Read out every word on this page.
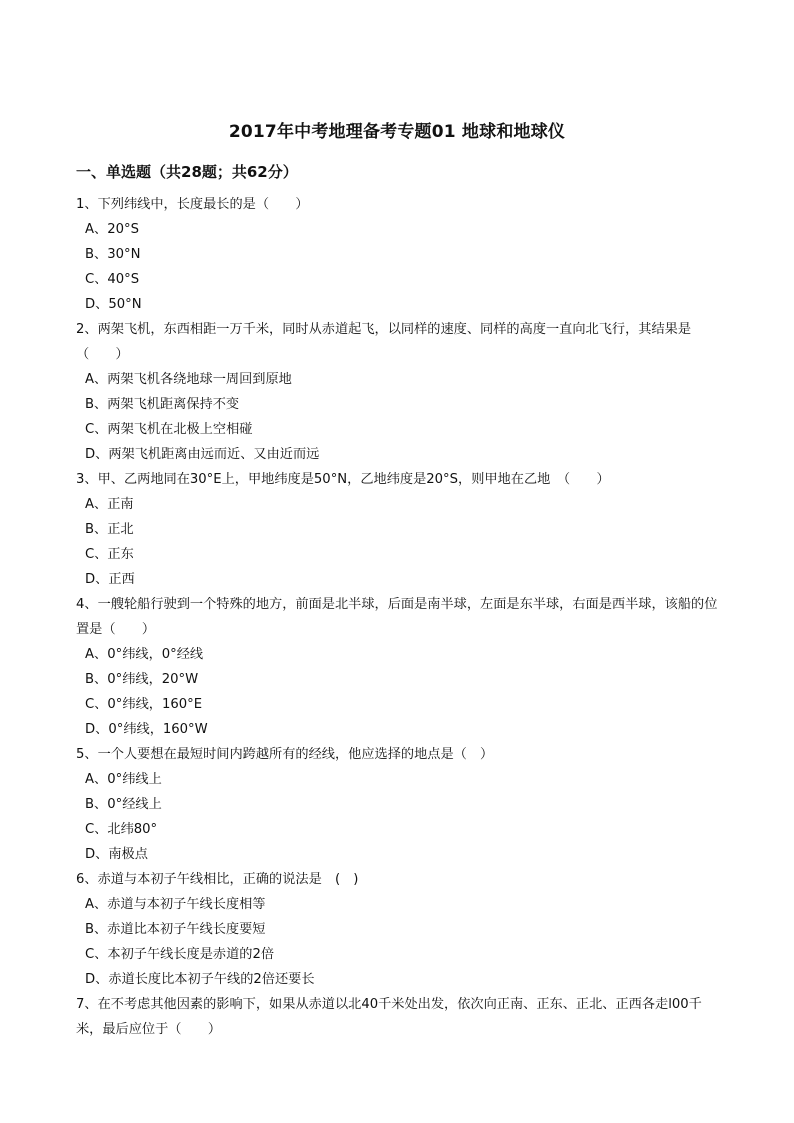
2017年中考地理备考专题01 地球和地球仪
一、单选题（共28题；共62分）
1、下列纬线中，长度最长的是（　　）
A、20°S
B、30°N
C、40°S
D、50°N
2、两架飞机，东西相距一万千米，同时从赤道起飞，以同样的速度、同样的高度一直向北飞行，其结果是（　　）
A、两架飞机各绕地球一周回到原地
B、两架飞机距离保持不变
C、两架飞机在北极上空相碰
D、两架飞机距离由远而近、又由近而远
3、甲、乙两地同在30°E上，甲地纬度是50°N，乙地纬度是20°S，则甲地在乙地　（　　）
A、正南
B、正北
C、正东
D、正西
4、一艘轮船行驶到一个特殊的地方，前面是北半球，后面是南半球，左面是东半球，右面是西半球，该船的位置是（　　）
A、0°纬线，0°经线
B、0°纬线，20°W
C、0°纬线，160°E
D、0°纬线，160°W
5、一个人要想在最短时间内跨越所有的经线，他应选择的地点是（　）
A、0°纬线上
B、0°经线上
C、北纬80°
D、南极点
6、赤道与本初子午线相比，正确的说法是　(　)
A、赤道与本初子午线长度相等
B、赤道比本初子午线长度要短
C、本初子午线长度是赤道的2倍
D、赤道长度比本初子午线的2倍还要长
7、在不考虑其他因素的影响下，如果从赤道以北40千米处出发，依次向正南、正东、正北、正西各走l00千米，最后应位于（　　）
